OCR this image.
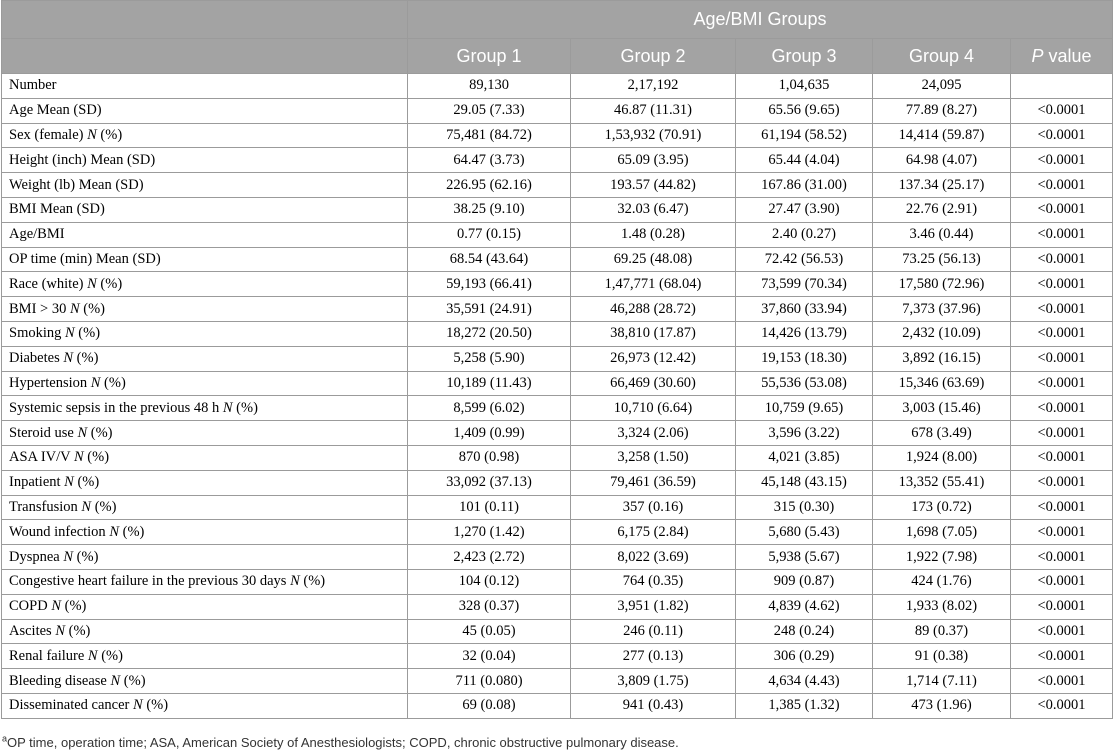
	Age/BMI Groups				
	Group 1	Group 2	Group 3	Group 4	P value
Number	89,130	2,17,192	1,04,635	24,095	
Age Mean (SD)	29.05 (7.33)	46.87 (11.31)	65.56 (9.65)	77.89 (8.27)	<0.0001
Sex (female) N (%)	75,481 (84.72)	1,53,932 (70.91)	61,194 (58.52)	14,414 (59.87)	<0.0001
Height (inch) Mean (SD)	64.47 (3.73)	65.09 (3.95)	65.44 (4.04)	64.98 (4.07)	<0.0001
Weight (lb) Mean (SD)	226.95 (62.16)	193.57 (44.82)	167.86 (31.00)	137.34 (25.17)	<0.0001
BMI Mean (SD)	38.25 (9.10)	32.03 (6.47)	27.47 (3.90)	22.76 (2.91)	<0.0001
Age/BMI	0.77 (0.15)	1.48 (0.28)	2.40 (0.27)	3.46 (0.44)	<0.0001
OP time (min) Mean (SD)	68.54 (43.64)	69.25 (48.08)	72.42 (56.53)	73.25 (56.13)	<0.0001
Race (white) N (%)	59,193 (66.41)	1,47,771 (68.04)	73,599 (70.34)	17,580 (72.96)	<0.0001
BMI > 30 N (%)	35,591 (24.91)	46,288 (28.72)	37,860 (33.94)	7,373 (37.96)	<0.0001
Smoking N (%)	18,272 (20.50)	38,810 (17.87)	14,426 (13.79)	2,432 (10.09)	<0.0001
Diabetes N (%)	5,258 (5.90)	26,973 (12.42)	19,153 (18.30)	3,892 (16.15)	<0.0001
Hypertension N (%)	10,189 (11.43)	66,469 (30.60)	55,536 (53.08)	15,346 (63.69)	<0.0001
Systemic sepsis in the previous 48 h N (%)	8,599 (6.02)	10,710 (6.64)	10,759 (9.65)	3,003 (15.46)	<0.0001
Steroid use N (%)	1,409 (0.99)	3,324 (2.06)	3,596 (3.22)	678 (3.49)	<0.0001
ASA IV/V N (%)	870 (0.98)	3,258 (1.50)	4,021 (3.85)	1,924 (8.00)	<0.0001
Inpatient N (%)	33,092 (37.13)	79,461 (36.59)	45,148 (43.15)	13,352 (55.41)	<0.0001
Transfusion N (%)	101 (0.11)	357 (0.16)	315 (0.30)	173 (0.72)	<0.0001
Wound infection N (%)	1,270 (1.42)	6,175 (2.84)	5,680 (5.43)	1,698 (7.05)	<0.0001
Dyspnea N (%)	2,423 (2.72)	8,022 (3.69)	5,938 (5.67)	1,922 (7.98)	<0.0001
Congestive heart failure in the previous 30 days N (%)	104 (0.12)	764 (0.35)	909 (0.87)	424 (1.76)	<0.0001
COPD N (%)	328 (0.37)	3,951 (1.82)	4,839 (4.62)	1,933 (8.02)	<0.0001
Ascites N (%)	45 (0.05)	246 (0.11)	248 (0.24)	89 (0.37)	<0.0001
Renal failure N (%)	32 (0.04)	277 (0.13)	306 (0.29)	91 (0.38)	<0.0001
Bleeding disease N (%)	711 (0.080)	3,809 (1.75)	4,634 (4.43)	1,714 (7.11)	<0.0001
Disseminated cancer N (%)	69 (0.08)	941 (0.43)	1,385 (1.32)	473 (1.96)	<0.0001
$^a$OP time, operation time; ASA, American Society of Anesthesiologists; COPD, chronic obstructive pulmonary disease.
